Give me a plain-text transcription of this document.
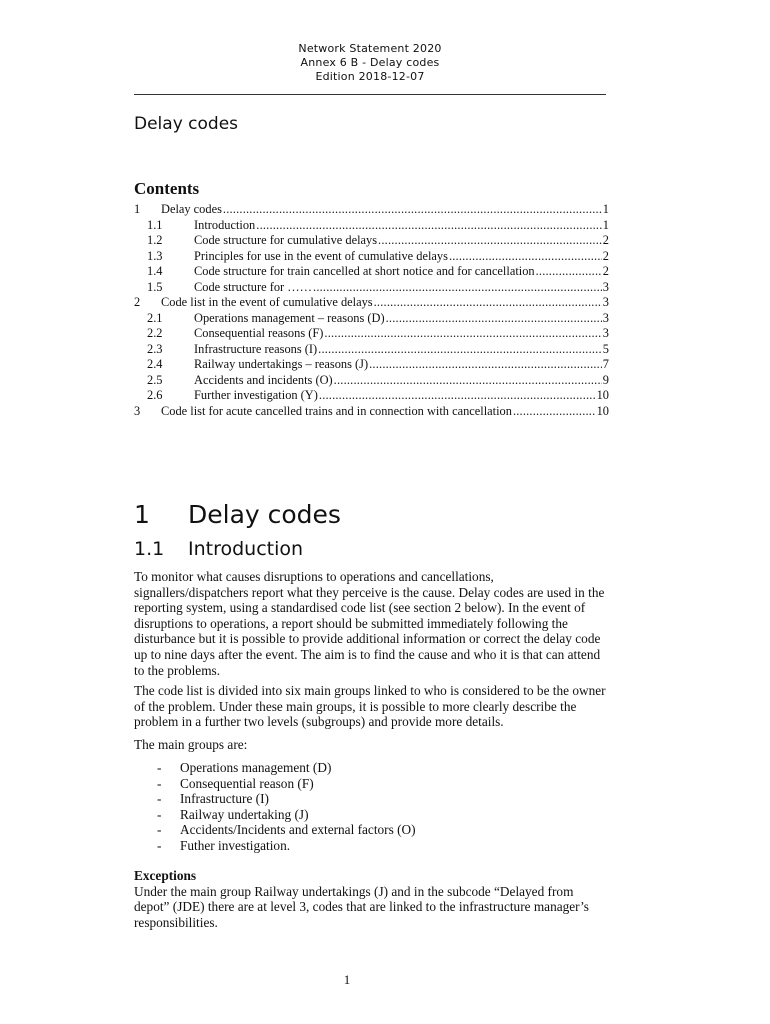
Network Statement 2020
Annex 6 B - Delay codes
Edition 2018-12-07
Delay codes
Contents
1	Delay codes .....	1
1.1	Introduction .....	1
1.2	Code structure for cumulative delays .....	2
1.3	Principles for use in the event of cumulative delays .....	2
1.4	Code structure for train cancelled at short notice and for cancellation .....	2
1.5	Code structure for …… .....	3
2	Code list in the event of cumulative delays .....	3
2.1	Operations management – reasons (D) .....	3
2.2	Consequential reasons (F) .....	3
2.3	Infrastructure reasons (I) .....	5
2.4	Railway undertakings – reasons (J) .....	7
2.5	Accidents and incidents (O) .....	9
2.6	Further investigation (Y) .....	10
3	Code list for acute cancelled trains and in connection with cancellation .....	10
1 Delay codes
1.1 Introduction
To monitor what causes disruptions to operations and cancellations, signallers/dispatchers report what they perceive is the cause. Delay codes are used in the reporting system, using a standardised code list (see section 2 below). In the event of disruptions to operations, a report should be submitted immediately following the disturbance but it is possible to provide additional information or correct the delay code up to nine days after the event. The aim is to find the cause and who it is that can attend to the problems.
The code list is divided into six main groups linked to who is considered to be the owner of the problem. Under these main groups, it is possible to more clearly describe the problem in a further two levels (subgroups) and provide more details.
The main groups are:
-	Operations management (D)
-	Consequential reason (F)
-	Infrastructure (I)
-	Railway undertaking (J)
-	Accidents/Incidents and external factors (O)
-	Futher investigation.
Exceptions
Under the main group Railway undertakings (J) and in the subcode “Delayed from depot” (JDE) there are at level 3, codes that are linked to the infrastructure manager’s responsibilities.
1
